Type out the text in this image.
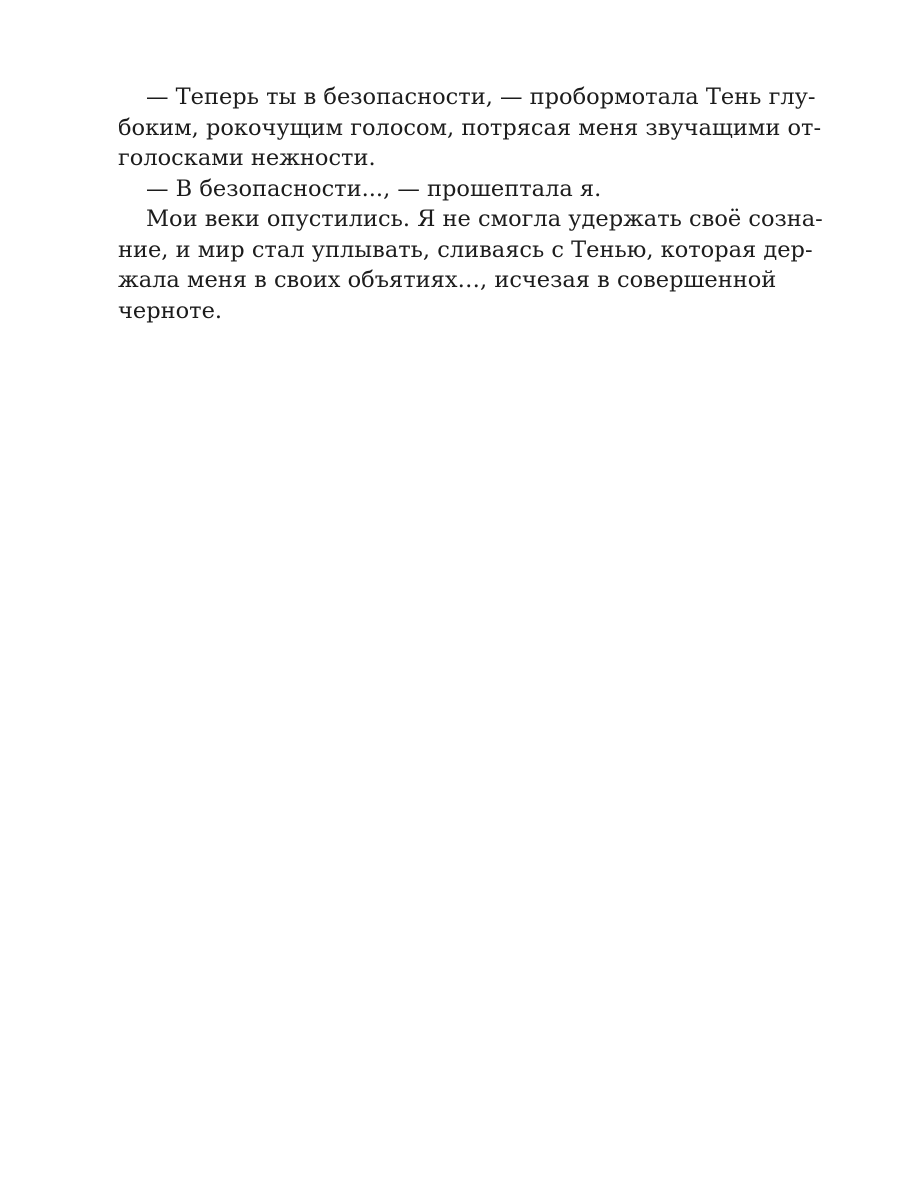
— Теперь ты в безопасности, — пробормотала Тень глу-
боким, рокочущим голосом, потрясая меня звучащими от-
голосками нежности.
— В безопасности..., — прошептала я.
Мои веки опустились. Я не смогла удержать своё созна-
ние, и мир стал уплывать, сливаясь с Тенью, которая дер-
жала меня в своих объятиях…, исчезая в совершенной
черноте.
